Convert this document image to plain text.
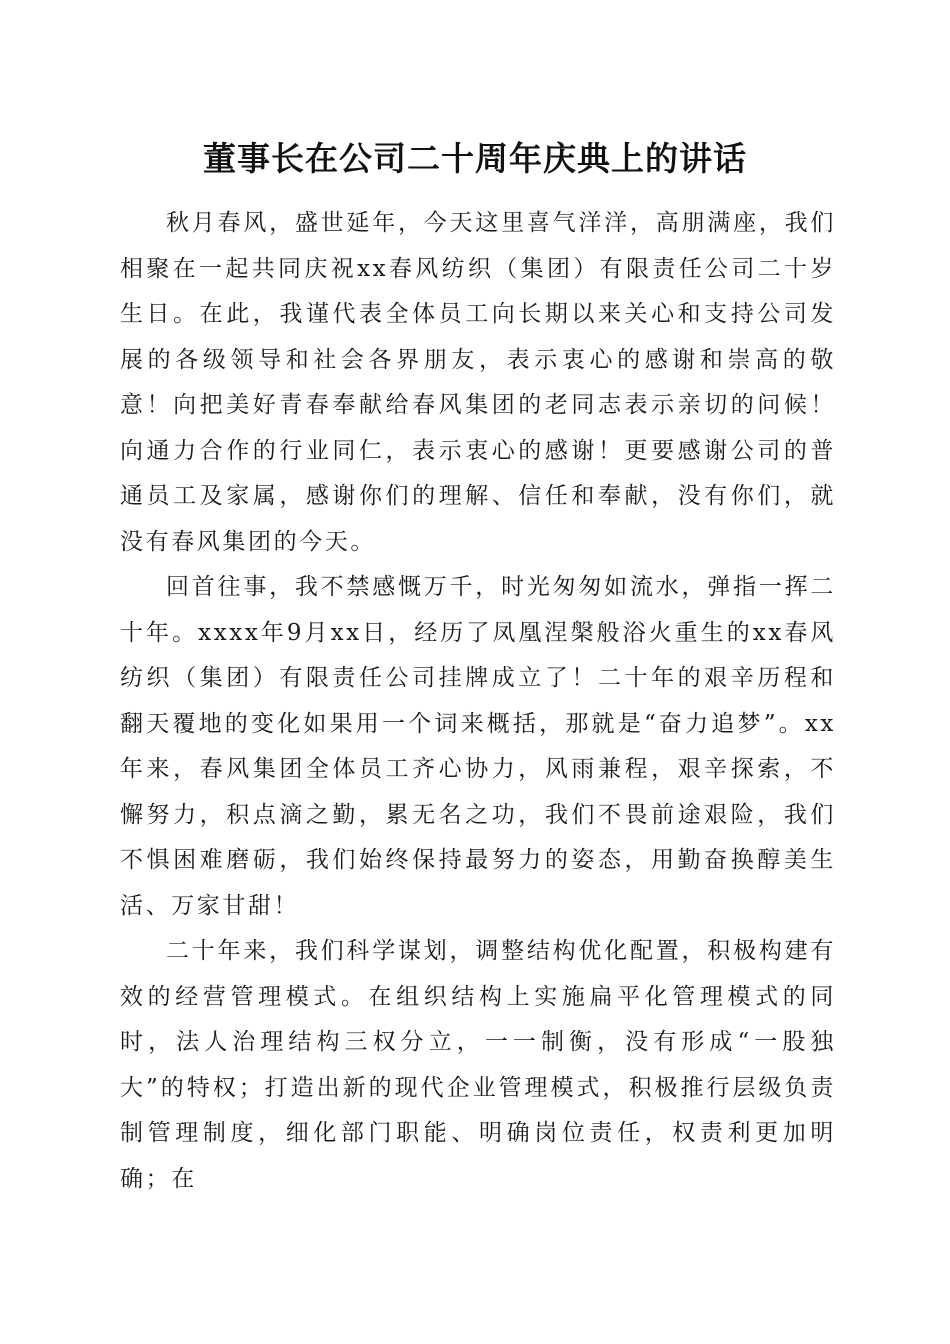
董事长在公司二十周年庆典上的讲话

秋月春风，盛世延年，今天这里喜气洋洋，高朋满座，我们相聚在一起共同庆祝xx春风纺织（集团）有限责任公司二十岁生日。在此，我谨代表全体员工向长期以来关心和支持公司发展的各级领导和社会各界朋友，表示衷心的感谢和崇高的敬意！向把美好青春奉献给春风集团的老同志表示亲切的问候！向通力合作的行业同仁，表示衷心的感谢！更要感谢公司的普通员工及家属，感谢你们的理解、信任和奉献，没有你们，就没有春风集团的今天。

回首往事，我不禁感慨万千，时光匆匆如流水，弹指一挥二十年。xxxx年9月xx日，经历了凤凰涅槃般浴火重生的xx春风纺织（集团）有限责任公司挂牌成立了！二十年的艰辛历程和翻天覆地的变化如果用一个词来概括，那就是“奋力追梦”。xx年来，春风集团全体员工齐心协力，风雨兼程，艰辛探索，不懈努力，积点滴之勤，累无名之功，我们不畏前途艰险，我们不惧困难磨砺，我们始终保持最努力的姿态，用勤奋换醇美生活、万家甘甜！

二十年来，我们科学谋划，调整结构优化配置，积极构建有效的经营管理模式。在组织结构上实施扁平化管理模式的同时，法人治理结构三权分立，一一制衡，没有形成“一股独大”的特权；打造出新的现代企业管理模式，积极推行层级负责制管理制度，细化部门职能、明确岗位责任，权责利更加明确；在
